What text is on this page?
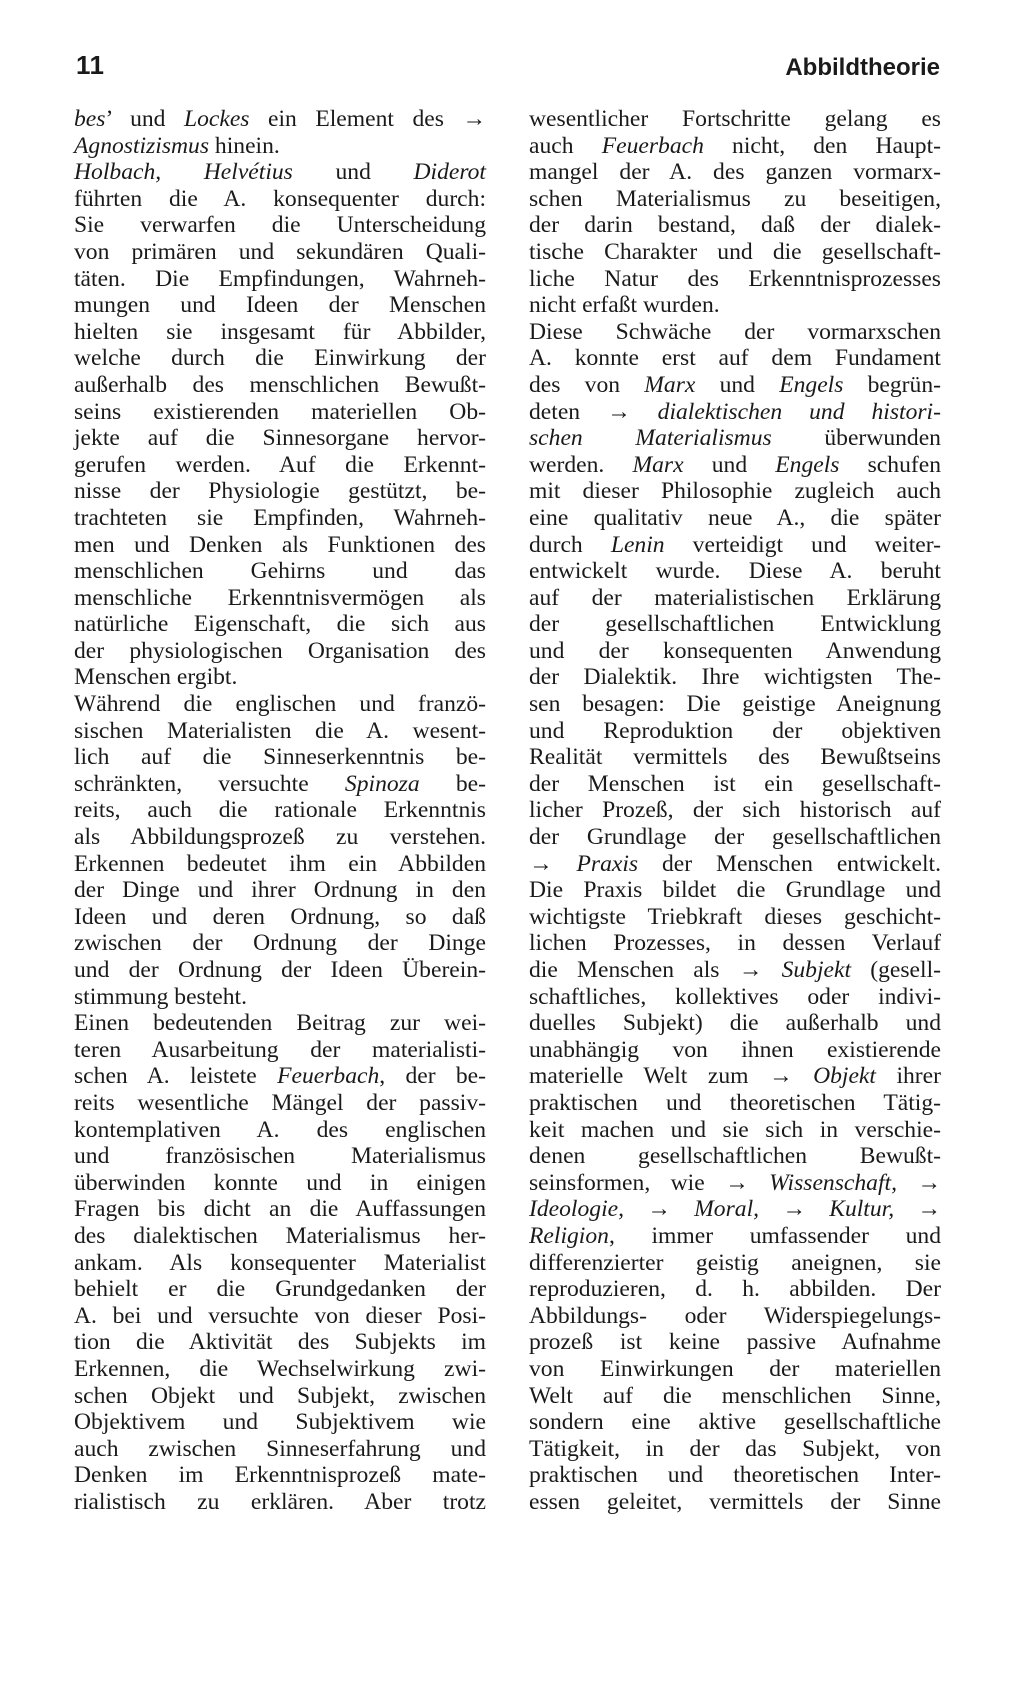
11	Abbildtheorie
bes’ und Lockes ein Element des →
Agnostizismus hinein.
Holbach, Helvétius und Diderot
führten die A. konsequenter durch:
Sie verwarfen die Unterscheidung
von primären und sekundären Quali-
täten. Die Empfindungen, Wahrneh-
mungen und Ideen der Menschen
hielten sie insgesamt für Abbilder,
welche durch die Einwirkung der
außerhalb des menschlichen Bewußt-
seins existierenden materiellen Ob-
jekte auf die Sinnesorgane hervor-
gerufen werden. Auf die Erkennt-
nisse der Physiologie gestützt, be-
trachteten sie Empfinden, Wahrneh-
men und Denken als Funktionen des
menschlichen Gehirns und das
menschliche Erkenntnisvermögen als
natürliche Eigenschaft, die sich aus
der physiologischen Organisation des
Menschen ergibt.
Während die englischen und franzö-
sischen Materialisten die A. wesent-
lich auf die Sinneserkenntnis be-
schränkten, versuchte Spinoza be-
reits, auch die rationale Erkenntnis
als Abbildungsprozeß zu verstehen.
Erkennen bedeutet ihm ein Abbilden
der Dinge und ihrer Ordnung in den
Ideen und deren Ordnung, so daß
zwischen der Ordnung der Dinge
und der Ordnung der Ideen Überein-
stimmung besteht.
Einen bedeutenden Beitrag zur wei-
teren Ausarbeitung der materialisti-
schen A. leistete Feuerbach, der be-
reits wesentliche Mängel der passiv-
kontemplativen A. des englischen
und französischen Materialismus
überwinden konnte und in einigen
Fragen bis dicht an die Auffassungen
des dialektischen Materialismus her-
ankam. Als konsequenter Materialist
behielt er die Grundgedanken der
A. bei und versuchte von dieser Posi-
tion die Aktivität des Subjekts im
Erkennen, die Wechselwirkung zwi-
schen Objekt und Subjekt, zwischen
Objektivem und Subjektivem wie
auch zwischen Sinneserfahrung und
Denken im Erkenntnisprozeß mate-
rialistisch zu erklären. Aber trotz
wesentlicher Fortschritte gelang es
auch Feuerbach nicht, den Haupt-
mangel der A. des ganzen vormarx-
schen Materialismus zu beseitigen,
der darin bestand, daß der dialek-
tische Charakter und die gesellschaft-
liche Natur des Erkenntnisprozesses
nicht erfaßt wurden.
Diese Schwäche der vormarxschen
A. konnte erst auf dem Fundament
des von Marx und Engels begrün-
deten → dialektischen und histori-
schen Materialismus überwunden
werden. Marx und Engels schufen
mit dieser Philosophie zugleich auch
eine qualitativ neue A., die später
durch Lenin verteidigt und weiter-
entwickelt wurde. Diese A. beruht
auf der materialistischen Erklärung
der gesellschaftlichen Entwicklung
und der konsequenten Anwendung
der Dialektik. Ihre wichtigsten The-
sen besagen: Die geistige Aneignung
und Reproduktion der objektiven
Realität vermittels des Bewußtseins
der Menschen ist ein gesellschaft-
licher Prozeß, der sich historisch auf
der Grundlage der gesellschaftlichen
→ Praxis der Menschen entwickelt.
Die Praxis bildet die Grundlage und
wichtigste Triebkraft dieses geschicht-
lichen Prozesses, in dessen Verlauf
die Menschen als → Subjekt (gesell-
schaftliches, kollektives oder indivi-
duelles Subjekt) die außerhalb und
unabhängig von ihnen existierende
materielle Welt zum → Objekt ihrer
praktischen und theoretischen Tätig-
keit machen und sie sich in verschie-
denen gesellschaftlichen Bewußt-
seinsformen, wie → Wissenschaft, →
Ideologie, → Moral, → Kultur, →
Religion, immer umfassender und
differenzierter geistig aneignen, sie
reproduzieren, d. h. abbilden. Der
Abbildungs- oder Widerspiegelungs-
prozeß ist keine passive Aufnahme
von Einwirkungen der materiellen
Welt auf die menschlichen Sinne,
sondern eine aktive gesellschaftliche
Tätigkeit, in der das Subjekt, von
praktischen und theoretischen Inter-
essen geleitet, vermittels der Sinne
